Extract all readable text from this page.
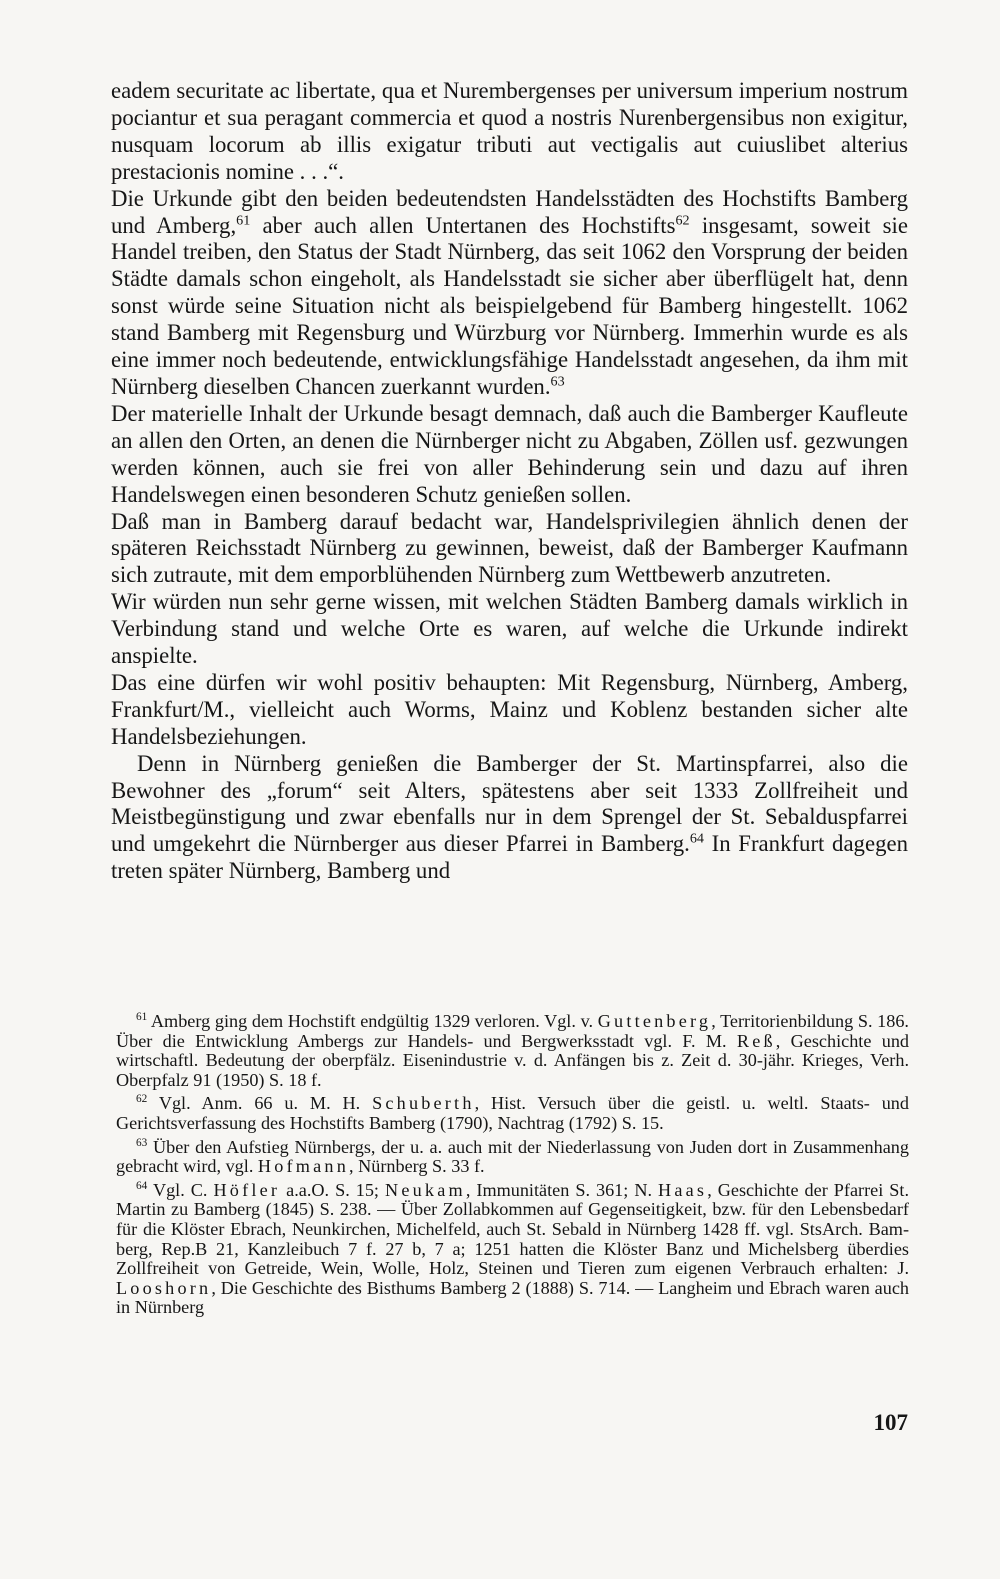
eadem securitate ac libertate, qua et Nurembergenses per universum imperium nostrum pociantur et sua peragant commercia et quod a nostris Nurenbergensibus non exigitur, nusquam locorum ab illis exigatur tributi aut vectigalis aut cuiuslibet alterius prestacionis nomine . . .“.

Die Urkunde gibt den beiden bedeutendsten Handelsstädten des Hochstifts Bamberg und Amberg,$^{61}$ aber auch allen Untertanen des Hochstifts$^{62}$ insgesamt, soweit sie Handel treiben, den Status der Stadt Nürnberg, das seit 1062 den Vorsprung der beiden Städte damals schon eingeholt, als Handelsstadt sie sicher aber überflügelt hat, denn sonst würde seine Situation nicht als beispielgebend für Bamberg hingestellt. 1062 stand Bamberg mit Regensburg und Würzburg vor Nürnberg. Immerhin wurde es als eine immer noch bedeutende, entwicklungsfähige Handelsstadt angesehen, da ihm mit Nürnberg dieselben Chancen zuerkannt wurden.$^{63}$

Der materielle Inhalt der Urkunde besagt demnach, daß auch die Bamberger Kaufleute an allen den Orten, an denen die Nürnberger nicht zu Abgaben, Zöllen usf. gezwungen werden können, auch sie frei von aller Behinderung sein und dazu auf ihren Handelswegen einen besonderen Schutz genießen sollen.

Daß man in Bamberg darauf bedacht war, Handelsprivilegien ähnlich denen der späteren Reichsstadt Nürnberg zu gewinnen, beweist, daß der Bamberger Kaufmann sich zutraute, mit dem emporblühenden Nürnberg zum Wettbewerb anzutreten.

Wir würden nun sehr gerne wissen, mit welchen Städten Bamberg damals wirklich in Verbindung stand und welche Orte es waren, auf welche die Urkunde indirekt anspielte.

Das eine dürfen wir wohl positiv behaupten: Mit Regensburg, Nürnberg, Amberg, Frankfurt/M., vielleicht auch Worms, Mainz und Koblenz bestanden sicher alte Handelsbeziehungen.

Denn in Nürnberg genießen die Bamberger der St. Martinspfarrei, also die Bewohner des „forum“ seit Alters, spätestens aber seit 1333 Zollfreiheit und Meistbegünstigung und zwar ebenfalls nur in dem Sprengel der St. Sebalduspfarrei und umgekehrt die Nürnberger aus dieser Pfarrei in Bamberg.$^{64}$ In Frankfurt dagegen treten später Nürnberg, Bamberg und

$^{61}$ Amberg ging dem Hochstift endgültig 1329 verloren. Vgl. v. Guttenberg, Territorienbildung S. 186. Über die Entwicklung Ambergs zur Handels- und Bergwerksstadt vgl. F. M. Reß, Geschichte und wirtschaftl. Bedeutung der oberpfälz. Eisenindustrie v. d. Anfängen bis z. Zeit d. 30-jähr. Krieges, Verh. Oberpfalz 91 (1950) S. 18 f.

$^{62}$ Vgl. Anm. 66 u. M. H. Schuberth, Hist. Versuch über die geistl. u. weltl. Staats- und Gerichtsverfassung des Hochstifts Bamberg (1790), Nachtrag (1792) S. 15.

$^{63}$ Über den Aufstieg Nürnbergs, der u. a. auch mit der Niederlassung von Juden dort in Zusammenhang gebracht wird, vgl. Hofmann, Nürnberg S. 33 f.

$^{64}$ Vgl. C. Höfler a.a.O. S. 15; Neukam, Immunitäten S. 361; N. Haas, Geschichte der Pfarrei St. Martin zu Bamberg (1845) S. 238. — Über Zollabkommen auf Gegenseitigkeit, bzw. für den Lebensbedarf für die Klöster Ebrach, Neunkirchen, Michelfeld, auch St. Sebald in Nürnberg 1428 ff. vgl. StsArch. Bamberg, Rep.B 21, Kanzleibuch 7 f. 27 b, 7 a; 1251 hatten die Klöster Banz und Michelsberg überdies Zollfreiheit von Getreide, Wein, Wolle, Holz, Steinen und Tieren zum eigenen Verbrauch erhalten: J. Looshorn, Die Geschichte des Bisthums Bamberg 2 (1888) S. 714. — Langheim und Ebrach waren auch in Nürnberg

107
